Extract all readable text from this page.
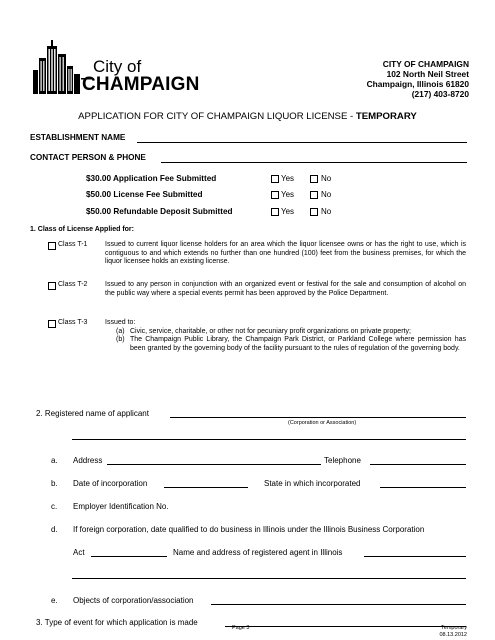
City of
CHAMPAIGN
CITY OF CHAMPAIGN
102 North Neil Street
Champaign, Illinois 61820
(217) 403-8720
APPLICATION FOR CITY OF CHAMPAIGN LIQUOR LICENSE - TEMPORARY
ESTABLISHMENT NAME
CONTACT PERSON & PHONE
$30.00 Application Fee Submitted	Yes	No
$50.00 License Fee Submitted	Yes	No
$50.00 Refundable Deposit Submitted	Yes	No
1. Class of License Applied for:
Class T-1	Issued to current liquor license holders for an area which the liquor licensee owns or has the right to use, which is contiguous to and which extends no further than one hundred (100) feet from the business premises, for which the liquor licensee holds an existing license.
Class T-2	Issued to any person in conjunction with an organized event or festival for the sale and consumption of alcohol on the public way where a special events permit has been approved by the Police Department.
Class T-3	Issued to:
(a) Civic, service, charitable, or other not for pecuniary profit organizations on private property;
(b) The Champaign Public Library, the Champaign Park District, or Parkland College where permission has been granted by the governing body of the facility pursuant to the rules of regulation of the governing body.
2. Registered name of applicant
(Corporation or Association)
a. Address	Telephone
b. Date of incorporation	State in which incorporated
c. Employer Identification No.
d. If foreign corporation, date qualified to do business in Illinois under the Illinois Business Corporation
Act	Name and address of registered agent in Illinois
e. Objects of corporation/association
3. Type of event for which application is made
Page 3	Temporary
08.13.2012
